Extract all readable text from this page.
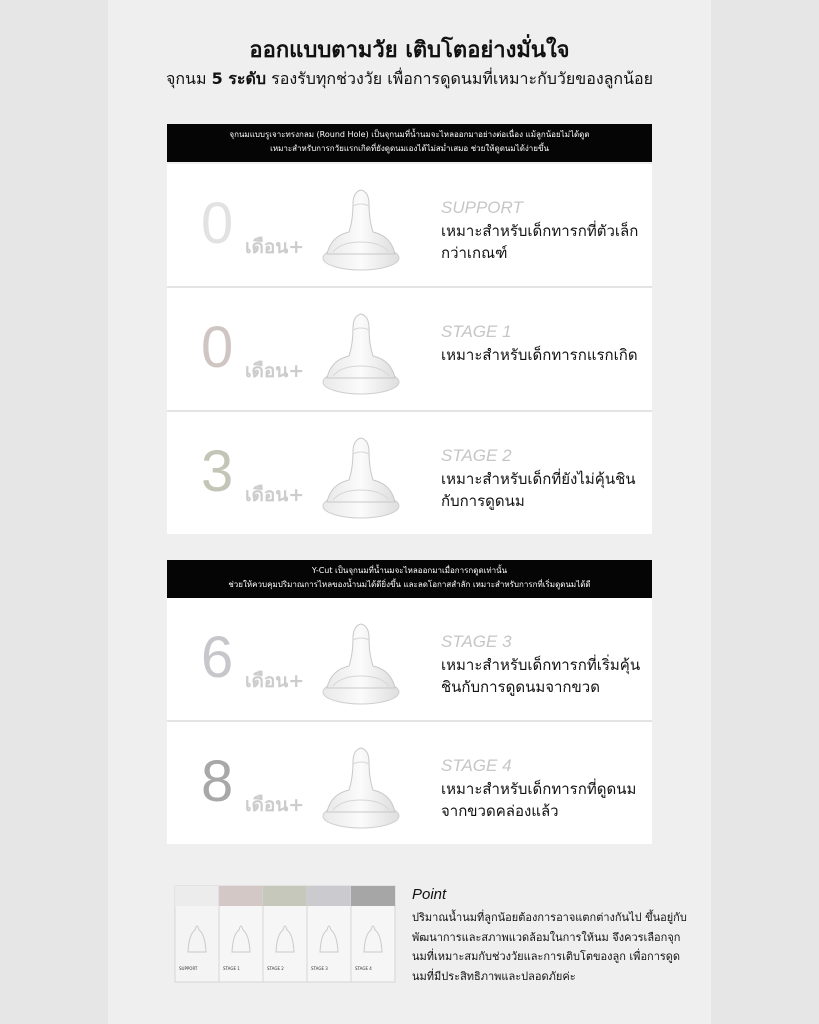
ออกแบบตามวัย เติบโตอย่างมั่นใจ
จุกนม 5 ระดับ รองรับทุกช่วงวัย เพื่อการดูดนมที่เหมาะกับวัยของลูกน้อย
จุกนมแบบรูเจาะทรงกลม (Round Hole) เป็นจุกนมที่น้ำนมจะไหลออกมาอย่างต่อเนื่อง แม้ลูกน้อยไม่ได้ดูด
เหมาะสำหรับการกวัยแรกเกิดที่ยังดูดนมเองได้ไม่สม่ำเสมอ ช่วยให้ดูดนมได้ง่ายขึ้น
0 เดือน+
SUPPORT
เหมาะสำหรับเด็กทารกที่ตัวเล็กกว่าเกณฑ์
0 เดือน+
STAGE 1
เหมาะสำหรับเด็กทารกแรกเกิด
3 เดือน+
STAGE 2
เหมาะสำหรับเด็กที่ยังไม่คุ้นชินกับการดูดนม
Y-Cut เป็นจุกนมที่น้ำนมจะไหลออกมาเมื่อการกดูดเท่านั้น
ช่วยให้ควบคุมปริมาณการไหลของน้ำนมได้ดียิ่งขึ้น และลดโอกาสสำลัก เหมาะสำหรับการกที่เริ่มดูดนมได้ดี
6 เดือน+
STAGE 3
เหมาะสำหรับเด็กทารกที่เริ่มคุ้นชินกับการดูดนมจากขวด
8 เดือน+
STAGE 4
เหมาะสำหรับเด็กทารกที่ดูดนมจากขวดคล่องแล้ว
SUPPORT	STAGE 1	STAGE 2	STAGE 3	STAGE 4
Point
ปริมาณน้ำนมที่ลูกน้อยต้องการอาจแตกต่างกันไป ขึ้นอยู่กับพัฒนาการและสภาพแวดล้อมในการให้นม จึงควรเลือกจุกนมที่เหมาะสมกับช่วงวัยและการเติบโตของลูก เพื่อการดูดนมที่มีประสิทธิภาพและปลอดภัยค่ะ
